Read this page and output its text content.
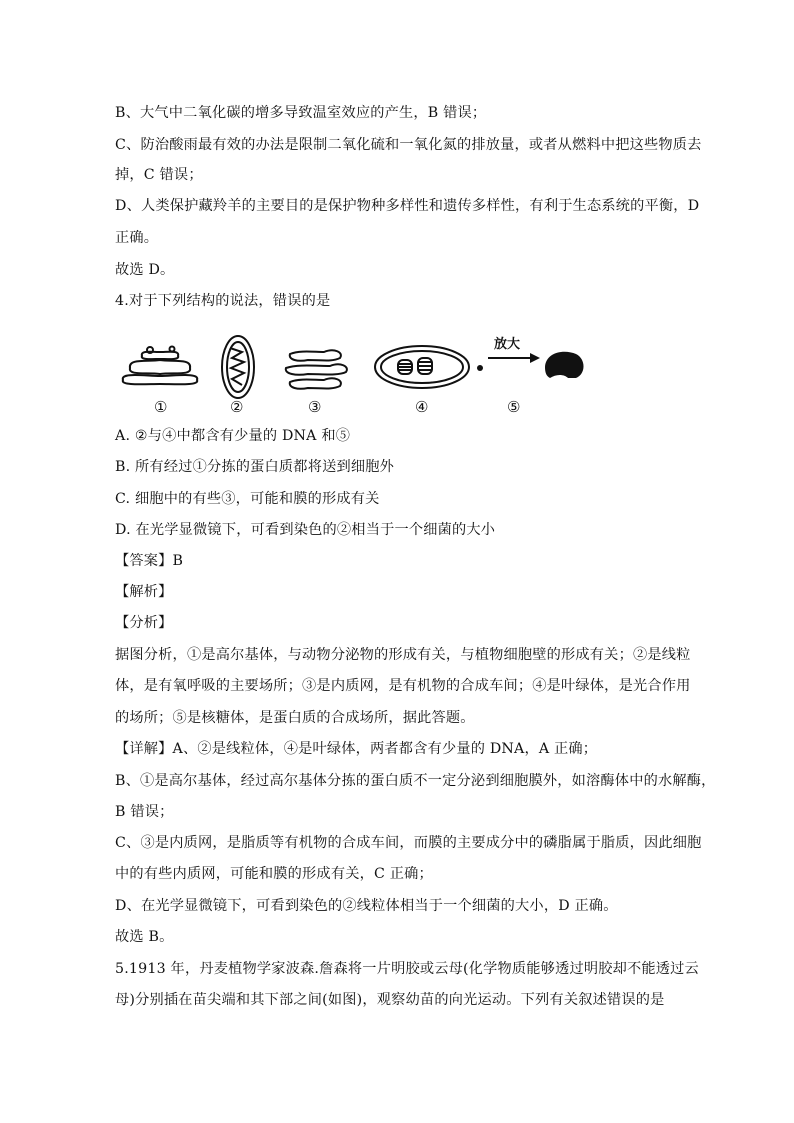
B、大气中二氧化碳的增多导致温室效应的产生，B 错误；
C、防治酸雨最有效的办法是限制二氧化硫和一氧化氮的排放量，或者从燃料中把这些物质去
掉，C 错误；
D、人类保护藏羚羊的主要目的是保护物种多样性和遗传多样性，有利于生态系统的平衡，D
正确。
故选 D。
4.对于下列结构的说法，错误的是
放大
①	②	③	④	⑤
A. ②与④中都含有少量的 DNA 和⑤
B. 所有经过①分拣的蛋白质都将送到细胞外
C. 细胞中的有些③，可能和膜的形成有关
D. 在光学显微镜下，可看到染色的②相当于一个细菌的大小
【答案】B
【解析】
【分析】
据图分析，①是高尔基体，与动物分泌物的形成有关，与植物细胞壁的形成有关；②是线粒
体，是有氧呼吸的主要场所；③是内质网，是有机物的合成车间；④是叶绿体，是光合作用
的场所；⑤是核糖体，是蛋白质的合成场所，据此答题。
【详解】A、②是线粒体，④是叶绿体，两者都含有少量的 DNA，A 正确；
B、①是高尔基体，经过高尔基体分拣的蛋白质不一定分泌到细胞膜外，如溶酶体中的水解酶，
B 错误；
C、③是内质网，是脂质等有机物的合成车间，而膜的主要成分中的磷脂属于脂质，因此细胞
中的有些内质网，可能和膜的形成有关，C 正确；
D、在光学显微镜下，可看到染色的②线粒体相当于一个细菌的大小，D 正确。
故选 B。
5.1913 年，丹麦植物学家波森.詹森将一片明胶或云母(化学物质能够透过明胶却不能透过云
母)分别插在苗尖端和其下部之间(如图)，观察幼苗的向光运动。下列有关叙述错误的是
